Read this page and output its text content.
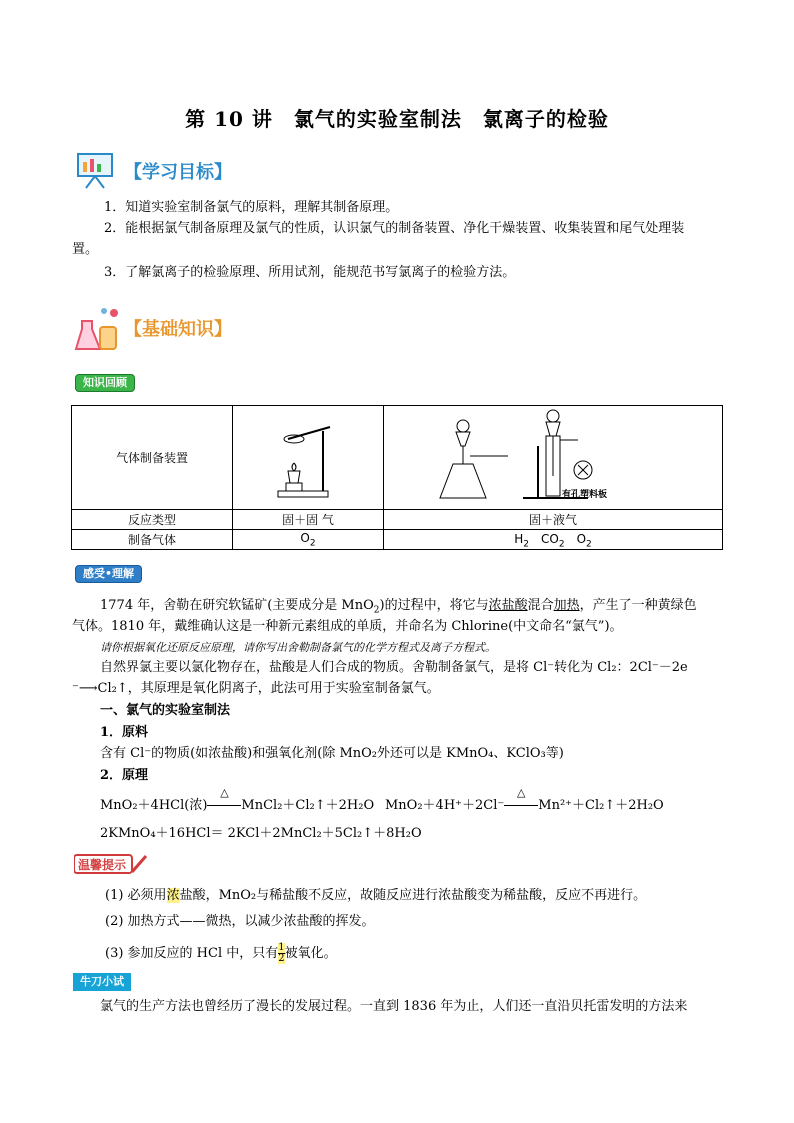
第 10 讲　氯气的实验室制法　氯离子的检验
【学习目标】
1．知道实验室制备氯气的原料，理解其制备原理。
2．能根据氯气制备原理及氯气的性质，认识氯气的制备装置、净化干燥装置、收集装置和尾气处理装
置。
3．了解氯离子的检验原理、所用试剂，能规范书写氯离子的检验方法。
【基础知识】
知识回顾
气体制备装置		有孔塑料板

反应类型	固＋固 气	固＋液气
制备气体	$O_2$	$H_2$　$CO_2$　$O_2$
感受•理解
1774 年，舍勒在研究软锰矿(主要成分是 MnO$_2$)的过程中，将它与浓盐酸混合加热，产生了一种黄绿色
气体。1810 年，戴维确认这是一种新元素组成的单质，并命名为 Chlorine(中文命名“氯气”)。
请你根据氧化还原反应原理，请你写出舍勒制备氯气的化学方程式及离子方程式。
自然界氯主要以氯化物存在，盐酸是人们合成的物质。舍勒制备氯气，是将 Cl⁻转化为 Cl₂：2Cl⁻－2e
⁻⟶Cl₂↑，其原理是氧化阴离子，此法可用于实验室制备氯气。
一、氯气的实验室制法
1．原料
含有 Cl⁻的物质(如浓盐酸)和强氧化剂(除 MnO₂外还可以是 KMnO₄、KClO₃等)
2．原理
MnO₂＋4HCl(浓)
△
MnCl₂＋Cl₂↑＋2H₂O MnO₂＋4H⁺＋2Cl⁻
△
Mn²⁺＋Cl₂↑＋2H₂O
2KMnO₄＋16HCl＝ 2KCl＋2MnCl₂＋5Cl₂↑＋8H₂O
温馨提示
(1) 必须用浓盐酸，MnO₂与稀盐酸不反应，故随反应进行浓盐酸变为稀盐酸，反应不再进行。
(2) 加热方式——微热，以减少浓盐酸的挥发。
(3) 参加反应的 HCl 中，只有 $\frac{1}{2}$ 被氧化。
牛刀小试
氯气的生产方法也曾经历了漫长的发展过程。一直到 1836 年为止，人们还一直沿贝托雷发明的方法来
